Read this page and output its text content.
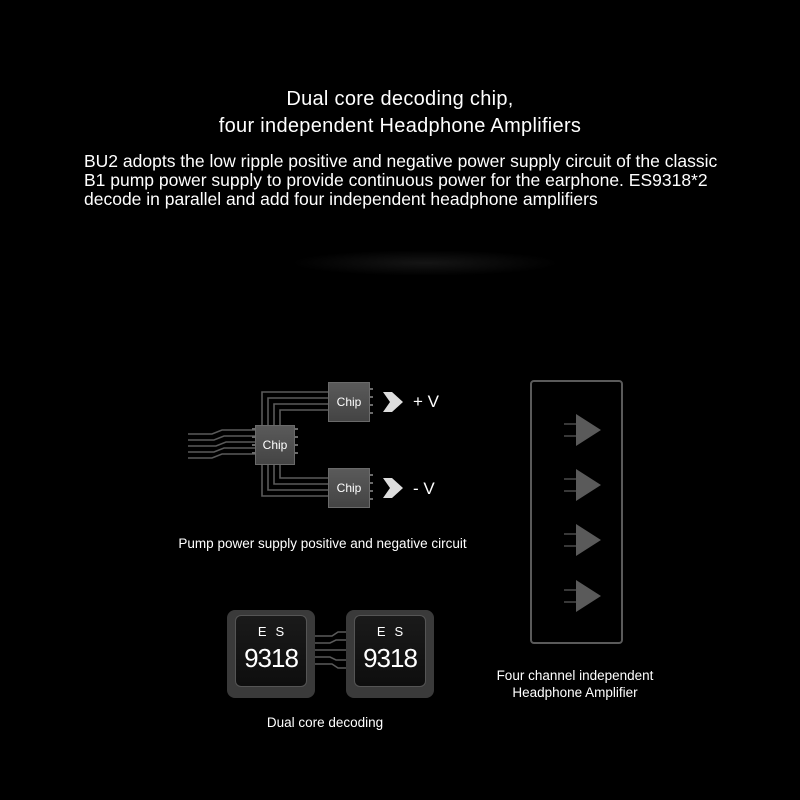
Dual core decoding chip,
four independent Headphone Amplifiers

BU2 adopts the low ripple positive and negative power supply circuit of the classic B1 pump power supply to provide continuous power for the earphone. ES9318*2 decode in parallel and add four independent headphone amplifiers

Chip
Chip
Chip
+ V
- V
Pump power supply positive and negative circuit
ES
9318
ES
9318
Dual core decoding
Four channel independent
Headphone Amplifier
